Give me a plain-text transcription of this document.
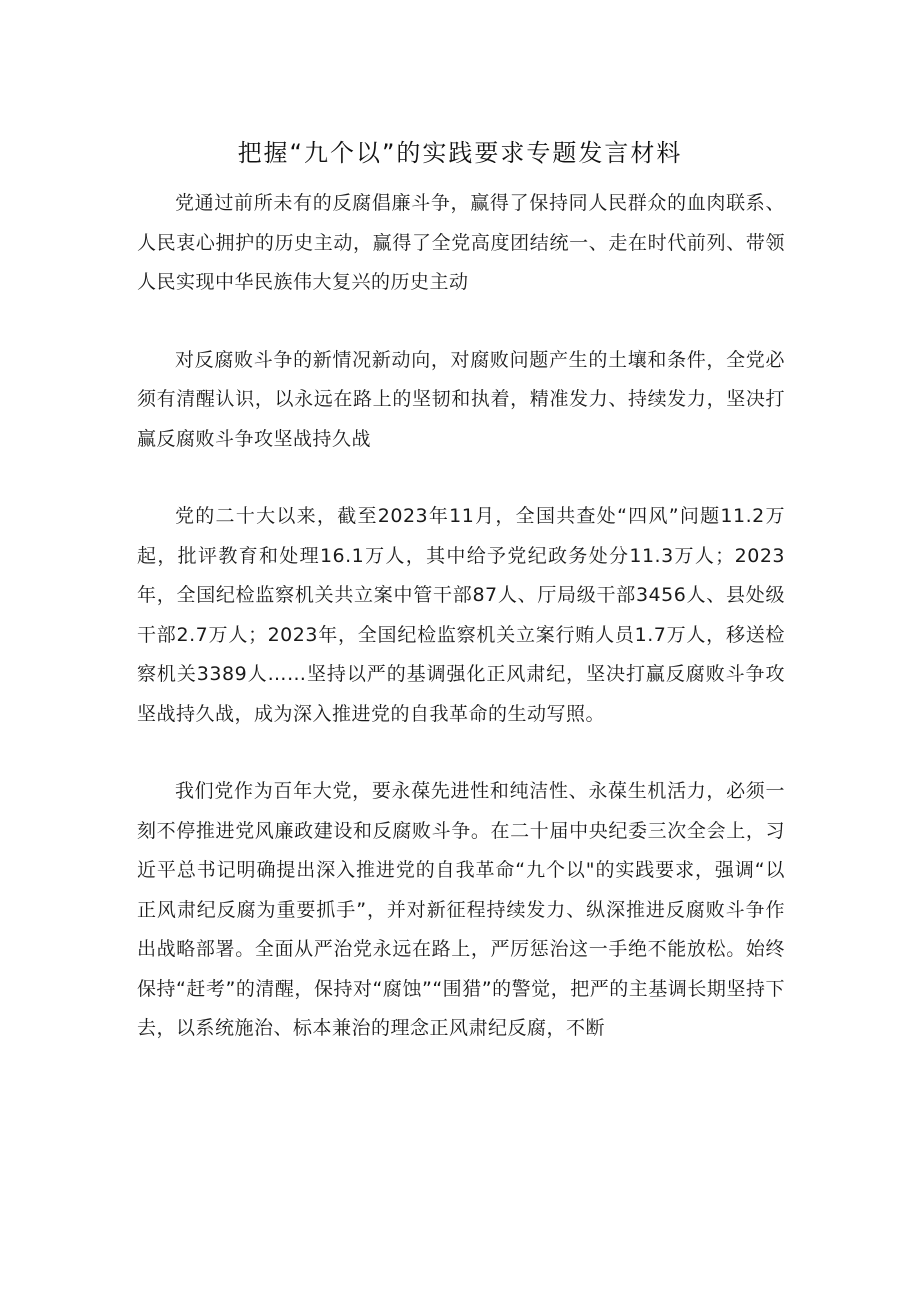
把握“九个以”的实践要求专题发言材料

党通过前所未有的反腐倡廉斗争，赢得了保持同人民群众的血肉联系、人民衷心拥护的历史主动，赢得了全党高度团结统一、走在时代前列、带领人民实现中华民族伟大复兴的历史主动

对反腐败斗争的新情况新动向，对腐败问题产生的土壤和条件，全党必须有清醒认识，以永远在路上的坚韧和执着，精准发力、持续发力，坚决打赢反腐败斗争攻坚战持久战

党的二十大以来，截至2023年11月，全国共查处“四风”问题11.2万起，批评教育和处理16.1万人，其中给予党纪政务处分11.3万人；2023年，全国纪检监察机关共立案中管干部87人、厅局级干部3456人、县处级干部2.7万人；2023年，全国纪检监察机关立案行贿人员1.7万人，移送检察机关3389人……坚持以严的基调强化正风肃纪，坚决打赢反腐败斗争攻坚战持久战，成为深入推进党的自我革命的生动写照。

我们党作为百年大党，要永葆先进性和纯洁性、永葆生机活力，必须一刻不停推进党风廉政建设和反腐败斗争。在二十届中央纪委三次全会上，习近平总书记明确提出深入推进党的自我革命“九个以"的实践要求，强调“以正风肃纪反腐为重要抓手”，并对新征程持续发力、纵深推进反腐败斗争作出战略部署。全面从严治党永远在路上，严厉惩治这一手绝不能放松。始终保持“赶考”的清醒，保持对“腐蚀”“围猎”的警觉，把严的主基调长期坚持下去，以系统施治、标本兼治的理念正风肃纪反腐，不断
